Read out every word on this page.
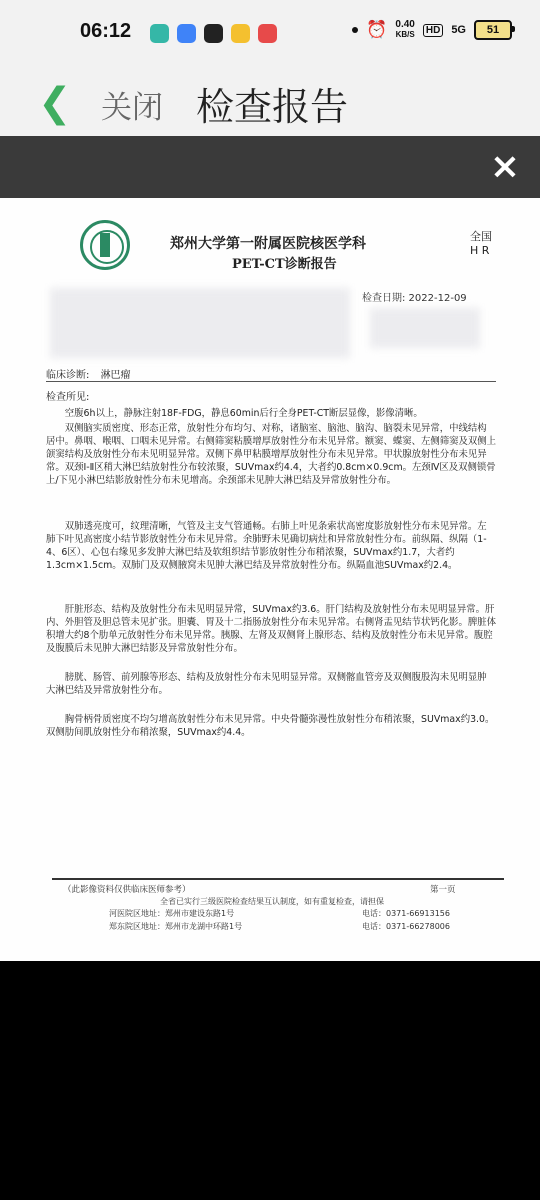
06:12	⏰ 0.40
KB/S	HD 5G	51
❮ 关闭 检查报告
×
郑州大学第一附属医院核医学科
PET-CT诊断报告
全国
H R
检查日期: 2022-12-09
临床诊断: 淋巴瘤
检查所见:

空腹6h以上，静脉注射18F-FDG，静息60min后行全身PET-CT断层显像，影像清晰。

双侧脑实质密度、形态正常，放射性分布均匀、对称，诸脑室、脑池、脑沟、脑裂未见异常，中线结构居中。鼻咽、喉咽、口咽未见异常。右侧筛窦粘膜增厚放射性分布未见异常。额窦、蝶窦、左侧筛窦及双侧上颌窦结构及放射性分布未见明显异常。双侧下鼻甲粘膜增厚放射性分布未见异常。甲状腺放射性分布未见异常。双颈Ⅰ-Ⅱ区稍大淋巴结放射性分布较浓聚，SUVmax约4.4，大者约0.8cm×0.9cm。左颈Ⅳ区及双侧锁骨上/下见小淋巴结影放射性分布未见增高。余颈部未见肿大淋巴结及异常放射性分布。

双肺透亮度可，纹理清晰，气管及主支气管通畅。右肺上叶见条索状高密度影放射性分布未见异常。左肺下叶见高密度小结节影放射性分布未见异常。余肺野未见确切病灶和异常放射性分布。前纵隔、纵隔（1-4、6区）、心包右缘见多发肿大淋巴结及软组织结节影放射性分布稍浓聚，SUVmax约1.7，大者约1.3cm×1.5cm。双肺门及双侧腋窝未见肿大淋巴结及异常放射性分布。纵隔血池SUVmax约2.4。

肝脏形态、结构及放射性分布未见明显异常，SUVmax约3.6。肝门结构及放射性分布未见明显异常。肝内、外胆管及胆总管未见扩张。胆囊、胃及十二指肠放射性分布未见异常。右侧肾盂见结节状钙化影。脾脏体积增大约8个肋单元放射性分布未见异常。胰腺、左肾及双侧肾上腺形态、结构及放射性分布未见异常。腹腔及腹膜后未见肿大淋巴结影及异常放射性分布。

膀胱、肠管、前列腺等形态、结构及放射性分布未见明显异常。双侧髂血管旁及双侧腹股沟未见明显肿大淋巴结及异常放射性分布。

胸骨柄骨质密度不均匀增高放射性分布未见异常。中央骨髓弥漫性放射性分布稍浓聚，SUVmax约3.0。双侧肋间肌放射性分布稍浓聚，SUVmax约4.4。

（此影像资料仅供临床医师参考）	第一页
全省已实行三级医院检查结果互认制度，如有重复检查，请担保
河医院区地址：郑州市建设东路1号	电话：0371-66913156
郑东院区地址：郑州市龙湖中环路1号	电话：0371-66278006
